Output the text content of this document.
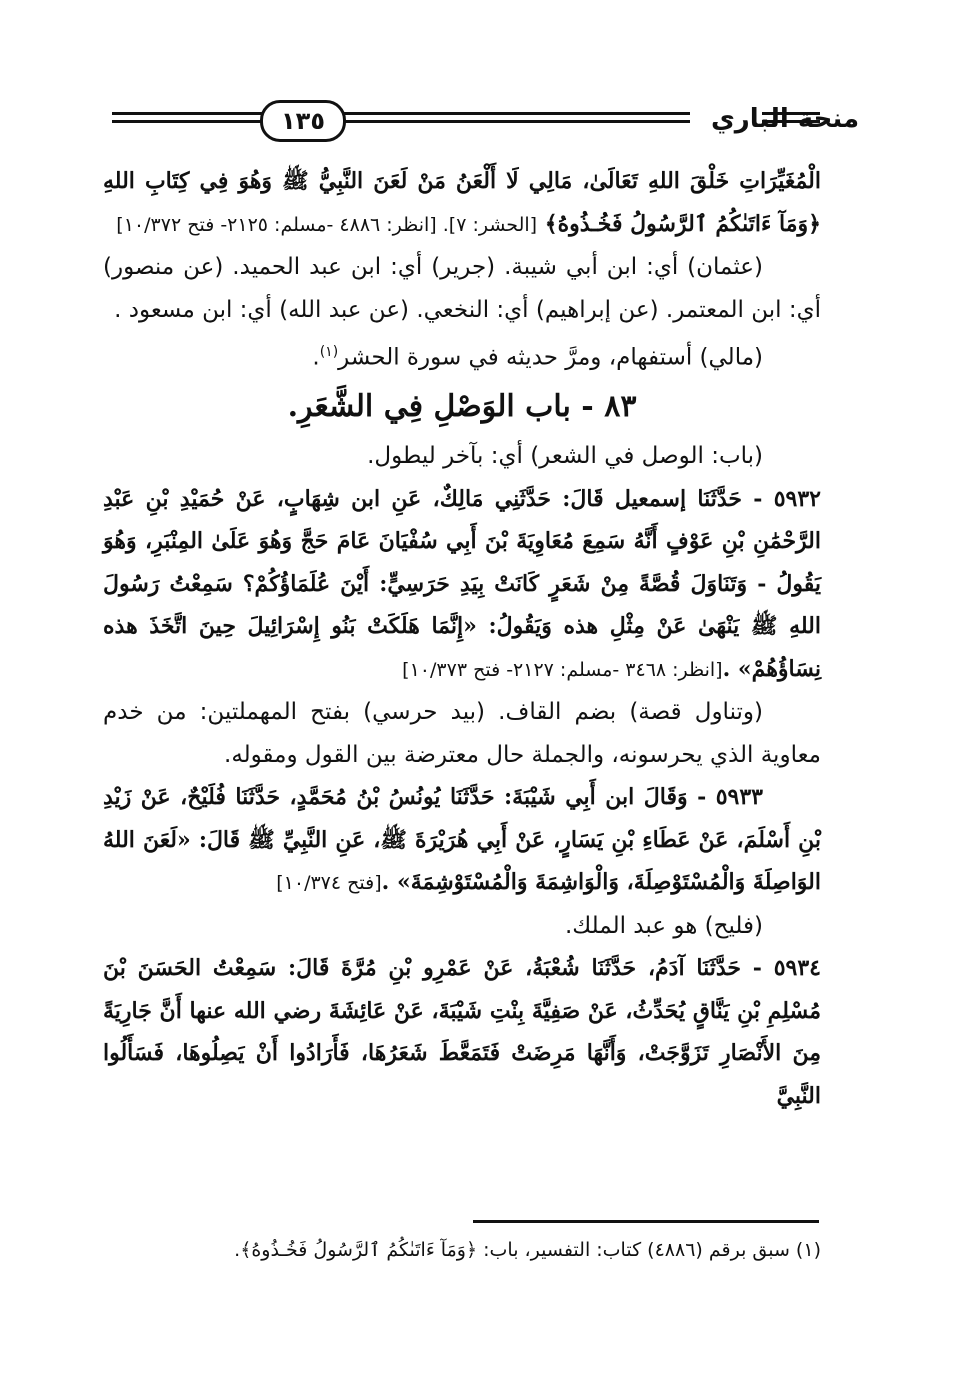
١٣٥	منحة الباري

الْمُغَيِّرَاتِ خَلْقَ اللهِ تَعَالَىٰ، مَالِي لَا أَلْعَنُ مَنْ لَعَنَ النَّبِيُّ ﷺ وَهُوَ فِي كِتَابِ اللهِ ﴿وَمَآ ءَاتَىٰكُمُ ٱلرَّسُولُ فَخُـذُوهُ﴾ [الحشر: ٧]. [انظر: ٤٨٨٦ -مسلم: ٢١٢٥- فتح ١٠/٣٧٢]

(عثمان) أي: ابن أبي شيبة. (جرير) أي: ابن عبد الحميد. (عن منصور) أي: ابن المعتمر. (عن إبراهيم) أي: النخعي. (عن عبد الله) أي: ابن مسعود .

(مالي) أستفهام، ومرَّ حديثه في سورة الحشر$^{(١)}$.

٨٣ - باب الوَصْلِ فِي الشَّعَرِ.

(باب: الوصل في الشعر) أي: بآخر ليطول.

٥٩٣٢ - حَدَّثَنَا إسمعيل قَالَ: حَدَّثَنِي مَالِكٌ، عَنِ ابن شِهَابٍ، عَنْ حُمَيْدِ بْنِ عَبْدِ الرَّحْمَٰنِ بْنِ عَوْفٍ أَنَّهُ سَمِعَ مُعَاوِيَةَ بْنَ أَبِي سُفْيَانَ عَامَ حَجَّ وَهُوَ عَلَىٰ المِنْبَرِ، وَهُوَ يَقُولُ - وَتَنَاوَلَ قُصَّةً مِنْ شَعَرٍ كَانَتْ بِيَدِ حَرَسِيٍّ: أَيْنَ عُلَمَاؤُكُمْ؟ سَمِعْتُ رَسُولَ اللهِ ﷺ يَنْهَىٰ عَنْ مِثْلِ هذه وَيَقُولُ: «إِنَّمَا هَلَكَتْ بَنُو إِسْرَائِيلَ حِينَ اتَّخَذَ هذه نِسَاؤُهُمْ» .[انظر: ٣٤٦٨ -مسلم: ٢١٢٧- فتح ١٠/٣٧٣]

(وتناول قصة) بضم القاف. (بيد حرسي) بفتح المهملتين: من خدم معاوية الذي يحرسونه، والجملة حال معترضة بين القول ومقوله.

٥٩٣٣ - وَقَالَ ابن أَبِي شَيْبَةَ: حَدَّثَنَا يُونُسُ بْنُ مُحَمَّدٍ، حَدَّثَنَا فُلَيْحٌ، عَنْ زَيْدِ بْنِ أَسْلَمَ، عَنْ عَطَاءِ بْنِ يَسَارٍ، عَنْ أَبِي هُرَيْرَةَ ﷺ، عَنِ النَّبِيِّ ﷺ قَالَ: «لَعَنَ اللهُ الوَاصِلَةَ وَالْمُسْتَوْصِلَةَ، وَالْوَاشِمَةَ وَالْمُسْتَوْشِمَةَ» .[فتح ١٠/٣٧٤]

(فليح) هو عبد الملك.

٥٩٣٤ - حَدَّثَنَا آدَمُ، حَدَّثَنَا شُعْبَةُ، عَنْ عَمْرِو بْنِ مُرَّةَ قَالَ: سَمِعْتُ الحَسَنَ بْنَ مُسْلِمِ بْنِ يَنَّاقٍ يُحَدِّثُ، عَنْ صَفِيَّةَ بِنْتِ شَيْبَةَ، عَنْ عَائِشَةَ رضي الله عنها أَنَّ جَارِيَةً مِنَ الأَنْصَارِ تَزَوَّجَتْ، وَأَنَّهَا مَرِضَتْ فَتَمَعَّطَ شَعَرُهَا، فَأَرَادُوا أَنْ يَصِلُوهَا، فَسَأَلُوا النَّبِيَّ

(١) سبق برقم (٤٨٨٦) كتاب: التفسير، باب: ﴿وَمَآ ءَاتَىٰكُمُ ٱلرَّسُولُ فَخُـذُوهُ﴾.
